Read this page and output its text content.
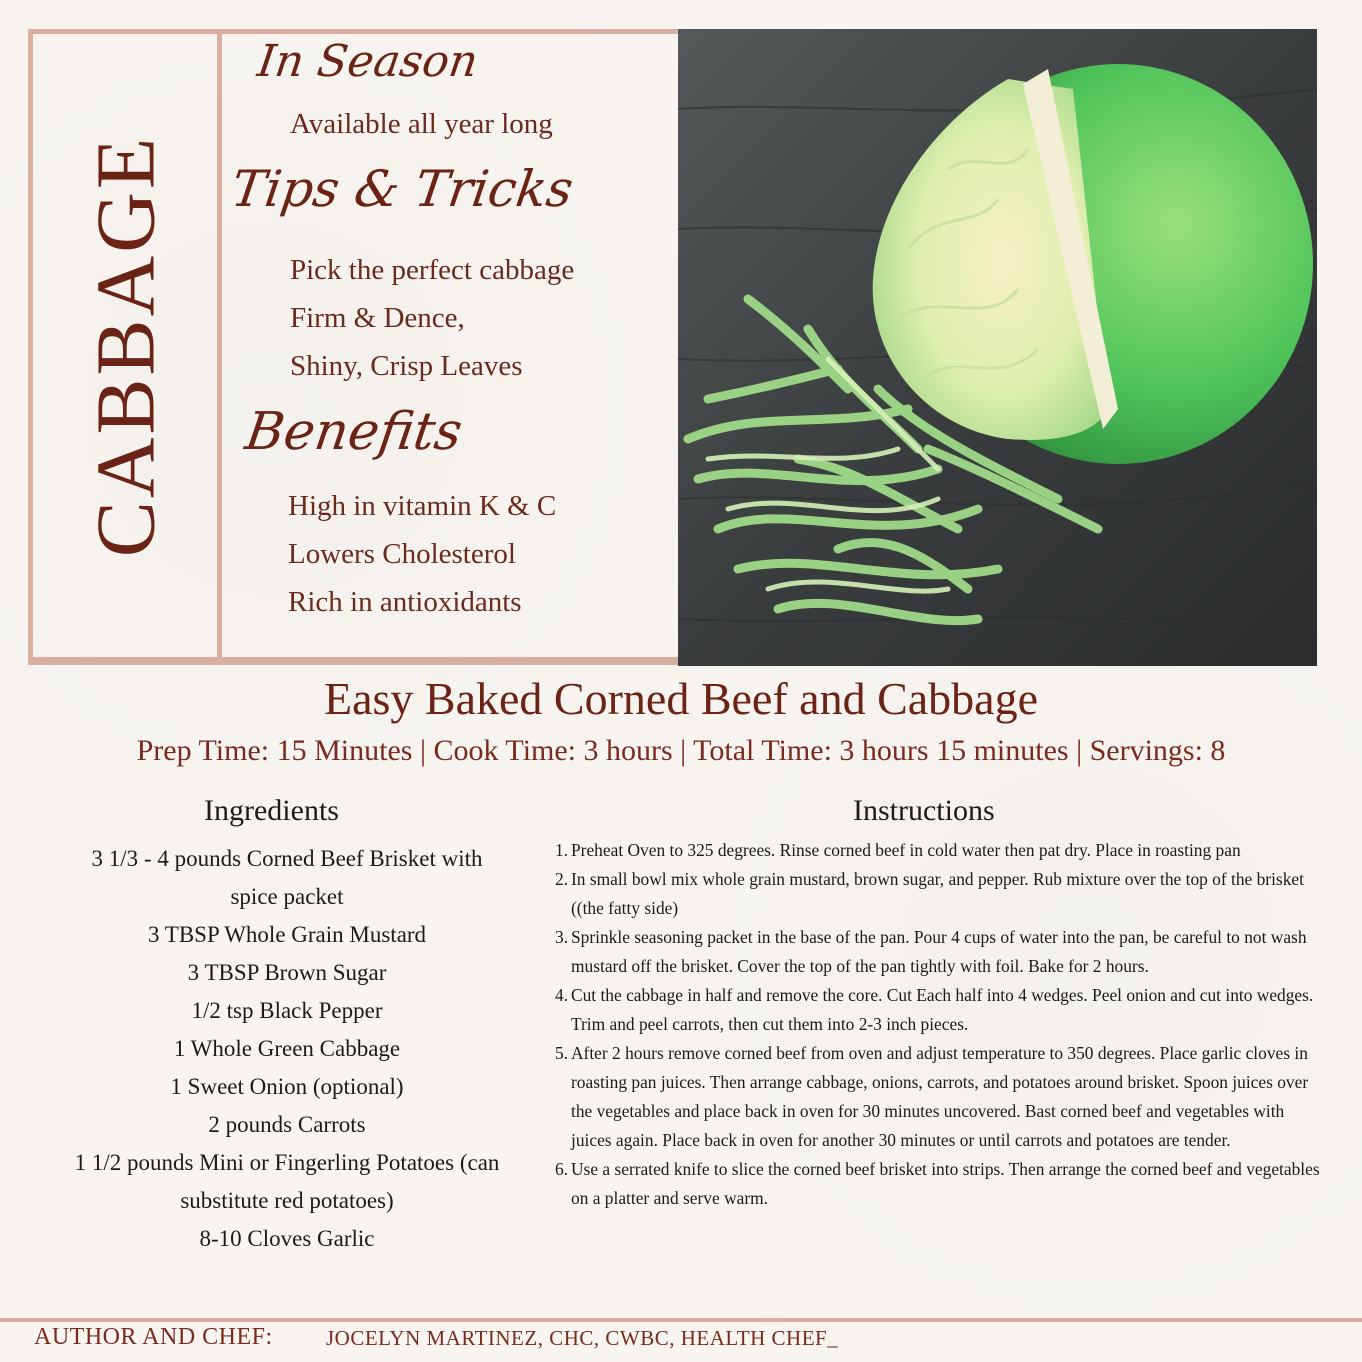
CABBAGE
In Season
Available all year long
Tips & Tricks
Pick the perfect cabbage
Firm & Dence,
Shiny, Crisp Leaves
Benefits
High in vitamin K & C
Lowers Cholesterol
Rich in antioxidants
Easy Baked Corned Beef and Cabbage
Prep Time: 15 Minutes | Cook Time: 3 hours | Total Time: 3 hours 15 minutes | Servings: 8
Ingredients
3 1/3 - 4 pounds Corned Beef Brisket with
spice packet
3 TBSP Whole Grain Mustard
3 TBSP Brown Sugar
1/2 tsp Black Pepper
1 Whole Green Cabbage
1 Sweet Onion (optional)
2 pounds Carrots
1 1/2 pounds Mini or Fingerling Potatoes (can
substitute red potatoes)
8-10 Cloves Garlic
Instructions
1. Preheat Oven to 325 degrees. Rinse corned beef in cold water then pat dry. Place in roasting pan
2. In small bowl mix whole grain mustard, brown sugar, and pepper. Rub mixture over the top of the brisket ((the fatty side)
3. Sprinkle seasoning packet in the base of the pan. Pour 4 cups of water into the pan, be careful to not wash mustard off the brisket. Cover the top of the pan tightly with foil. Bake for 2 hours.
4. Cut the cabbage in half and remove the core. Cut Each half into 4 wedges. Peel onion and cut into wedges. Trim and peel carrots, then cut them into 2-3 inch pieces.
5. After 2 hours remove corned beef from oven and adjust temperature to 350 degrees. Place garlic cloves in roasting pan juices. Then arrange cabbage, onions, carrots, and potatoes around brisket. Spoon juices over the vegetables and place back in oven for 30 minutes uncovered. Bast corned beef and vegetables with juices again. Place back in oven for another 30 minutes or until carrots and potatoes are tender.
6. Use a serrated knife to slice the corned beef brisket into strips. Then arrange the corned beef and vegetables on a platter and serve warm.
AUTHOR AND CHEF:	JOCELYN MARTINEZ, CHC, CWBC, HEALTH CHEF_
